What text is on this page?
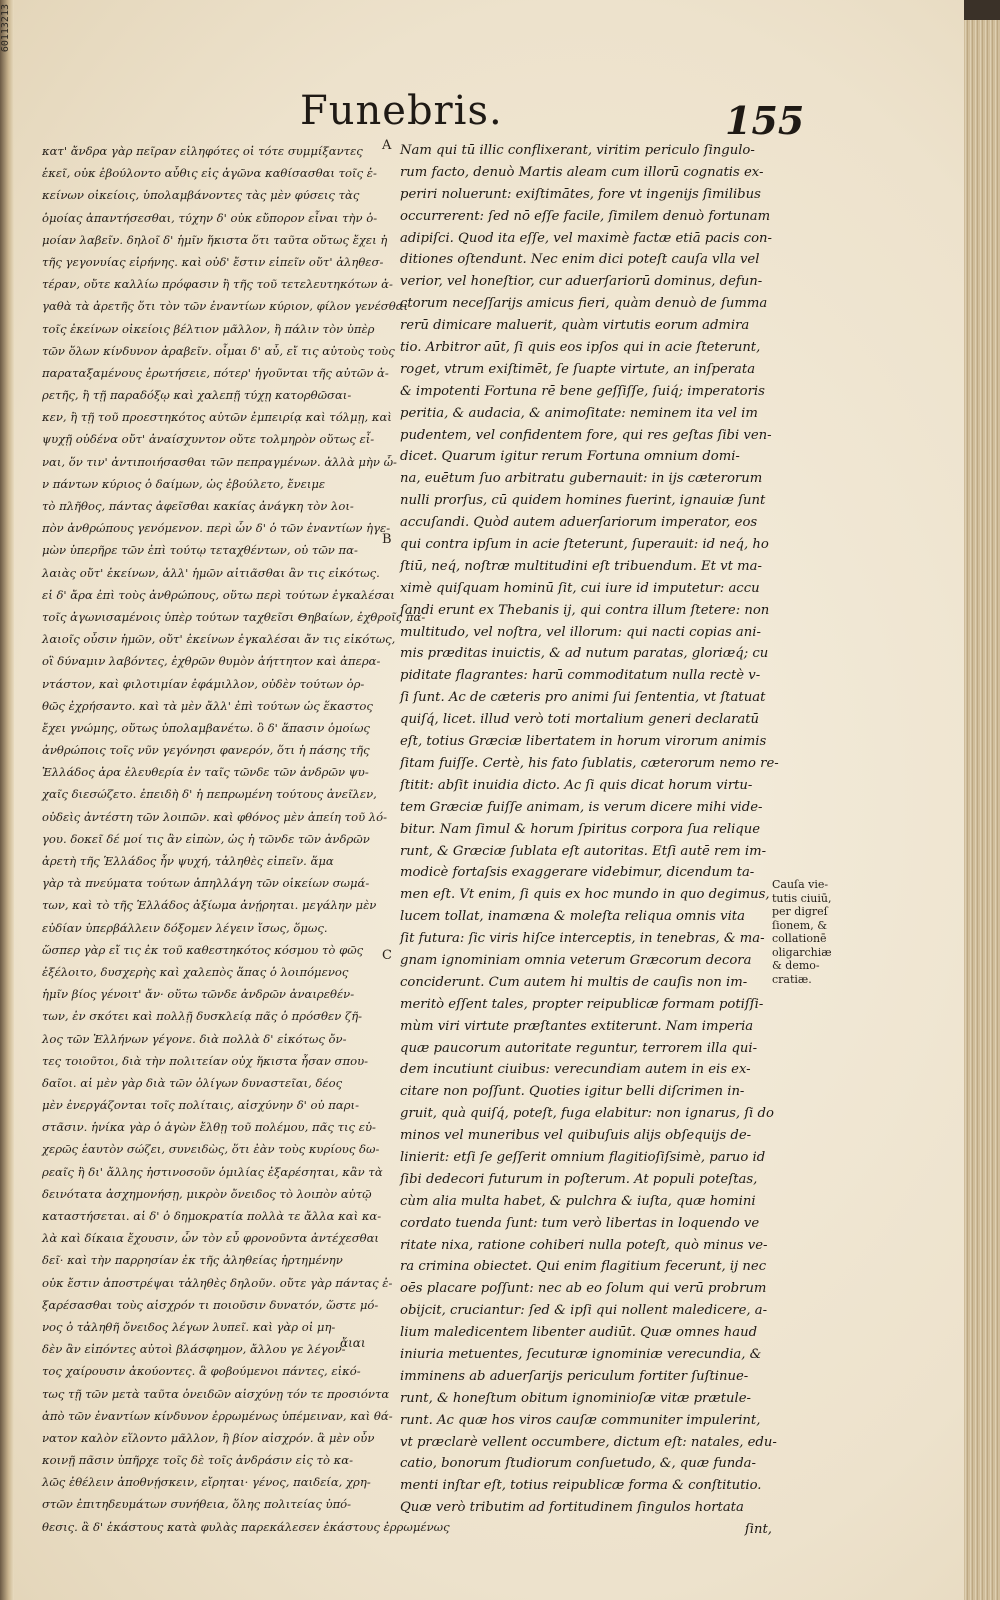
60113213
Funebris.	155
κατ' ἄνδρα γὰρ πεῖραν εἰληφότες οἱ τότε συμμίξαντες
ἑκεῖ, οὐκ ἐβούλοντο αὖθις εἰς ἀγῶνα καθίσασθαι τοῖς ἐ-
κείνων οἰκείοις, ὑπολαμβάνοντες τὰς μὲν φύσεις τὰς
ὁμοίας ἀπαντήσεσθαι, τύχην δ' οὐκ εὔπορον εἶναι τὴν ὁ-
μοίαν λαβεῖν. δηλοῖ δ' ἡμῖν ἥκιστα ὅτι ταῦτα οὕτως ἔχει ἡ
τῆς γεγονυίας εἰρήνης. καὶ οὐδ' ἔστιν εἰπεῖν οὔτ' ἀληθεσ-
τέραν, οὔτε καλλίω πρόφασιν ἢ τῆς τοῦ τετελευτηκότων ἀ-
γαθὰ τὰ ἀρετῆς ὅτι τὸν τῶν ἐναντίων κύριον, φίλον γενέσθαι
τοῖς ἐκείνων οἰκείοις βέλτιον μᾶλλον, ἢ πάλιν τὸν ὑπὲρ
τῶν ὅλων κίνδυνον ἀραβεῖν. οἶμαι δ' αὖ, εἴ τις αὐτοὺς τοὺς
παραταξαμένους ἐρωτήσειε, πότερ' ἡγοῦνται τῆς αὐτῶν ἀ-
ρετῆς, ἢ τῇ παραδόξῳ καὶ χαλεπῇ τύχῃ κατορθῶσαι-
κεν, ἢ τῇ τοῦ προεστηκότος αὐτῶν ἐμπειρίᾳ καὶ τόλμῃ, καὶ
ψυχῇ οὐδένα οὔτ' ἀναίσχυντον οὔτε τολμηρὸν οὕτως εἶ-
ναι, ὅν τιν' ἀντιποιήσασθαι τῶν πεπραγμένων. ἀλλὰ μὴν ὧ-
ν πάντων κύριος ὁ δαίμων, ὡς ἐβούλετο, ἔνειμε
τὸ πλῆθος, πάντας ἀφεῖσθαι κακίας ἀνάγκη τὸν λοι-
πὸν ἀνθρώπους γενόμενον. περὶ ὧν δ' ὁ τῶν ἐναντίων ἡγε-
μὼν ὑπερῆρε τῶν ἐπὶ τούτῳ τεταχθέντων, οὐ τῶν πα-
λαιὰς οὔτ' ἐκείνων, ἀλλ' ἡμῶν αἰτιᾶσθαι ἂν τις εἰκότως.
εἰ δ' ἄρα ἐπὶ τοὺς ἀνθρώπους, οὕτω περὶ τούτων ἐγκαλέσαι
τοῖς ἀγωνισαμένοις ὑπὲρ τούτων ταχθεῖσι Θηβαίων, ἐχθροῖς πα-
λαιοῖς οὖσιν ἡμῶν, οὔτ' ἐκείνων ἐγκαλέσαι ἄν τις εἰκότως,
οἳ δύναμιν λαβόντες, ἐχθρῶν θυμὸν ἀήττητον καὶ ἀπερα-
ντάστον, καὶ φιλοτιμίαν ἐφάμιλλον, οὐδὲν τούτων ὀρ-
θῶς ἐχρήσαντο. καὶ τὰ μὲν ἄλλ' ἐπὶ τούτων ὡς ἕκαστος
ἔχει γνώμης, οὕτως ὑπολαμβανέτω. ὃ δ' ἅπασιν ὁμοίως
ἀνθρώποις τοῖς νῦν γεγόνησι φανερόν, ὅτι ἡ πάσης τῆς
Ἑλλάδος ἀρα ἐλευθερία ἐν ταῖς τῶνδε τῶν ἀνδρῶν ψυ-
χαῖς διεσώζετο. ἐπειδὴ δ' ἡ πεπρωμένη τούτους ἀνεῖλεν,
οὐδεὶς ἀντέστη τῶν λοιπῶν. καὶ φθόνος μὲν ἀπείη τοῦ λό-
γου. δοκεῖ δέ μοί τις ἂν εἰπὼν, ὡς ἡ τῶνδε τῶν ἀνδρῶν
ἀρετὴ τῆς Ἑλλάδος ἦν ψυχή, τἀληθὲς εἰπεῖν. ἅμα
γὰρ τὰ πνεύματα τούτων ἀπηλλάγη τῶν οἰκείων σωμά-
των, καὶ τὸ τῆς Ἑλλάδος ἀξίωμα ἀνῄρηται. μεγάλην μὲν
εὐδίαν ὑπερβάλλειν δόξομεν λέγειν ἴσως, ὅμως.
ὥσπερ γὰρ εἴ τις ἐκ τοῦ καθεστηκότος κόσμου τὸ φῶς
ἐξέλοιτο, δυσχερὴς καὶ χαλεπὸς ἅπας ὁ λοιπόμενος
ἡμῖν βίος γένοιτ' ἄν· οὕτω τῶνδε ἀνδρῶν ἀναιρεθέν-
των, ἐν σκότει καὶ πολλῇ δυσκλείᾳ πᾶς ὁ πρόσθεν ζῆ-
λος τῶν Ἑλλήνων γέγονε. διὰ πολλὰ δ' εἰκότως ὄν-
τες τοιοῦτοι, διὰ τὴν πολιτείαν οὐχ ἥκιστα ἦσαν σπου-
δαῖοι. αἱ μὲν γὰρ διὰ τῶν ὀλίγων δυναστεῖαι, δέος
μὲν ἐνεργάζονται τοῖς πολίταις, αἰσχύνην δ' οὐ παρι-
στᾶσιν. ἡνίκα γὰρ ὁ ἀγὼν ἔλθῃ τοῦ πολέμου, πᾶς τις εὐ-
χερῶς ἑαυτὸν σώζει, συνειδὼς, ὅτι ἐὰν τοὺς κυρίους δω-
ρεαῖς ἢ δι' ἄλλης ἡστινοσοῦν ὁμιλίας ἐξαρέσηται, κἂν τὰ
δεινότατα ἀσχημονήσῃ, μικρὸν ὄνειδος τὸ λοιπὸν αὐτῷ
καταστήσεται. αἱ δ' ὁ δημοκρατία πολλὰ τε ἄλλα καὶ κα-
λὰ καὶ δίκαια ἔχουσιν, ὧν τὸν εὖ φρονοῦντα ἀντέχεσθαι
δεῖ· καὶ τὴν παρρησίαν ἐκ τῆς ἀληθείας ἠρτημένην
οὐκ ἔστιν ἀποστρέψαι τἀληθὲς δηλοῦν. οὔτε γὰρ πάντας ἐ-
ξαρέσασθαι τοὺς αἰσχρόν τι ποιοῦσιν δυνατόν, ὥστε μό-
νος ὁ τἀληθῆ ὄνειδος λέγων λυπεῖ. καὶ γὰρ οἱ μη-
δὲν ἂν εἰπόντες αὐτοὶ βλάσφημον, ἄλλου γε λέγον-
τος χαίρουσιν ἀκούοντες. ἃ φοβούμενοι πάντες, εἰκό-
τως τῇ τῶν μετὰ ταῦτα ὀνειδῶν αἰσχύνῃ τόν τε προσιόντα
ἀπὸ τῶν ἐναντίων κίνδυνον ἐρρωμένως ὑπέμειναν, καὶ θά-
νατον καλὸν εἵλοντο μᾶλλον, ἢ βίον αἰσχρόν. ἃ μὲν οὖν
κοινῇ πᾶσιν ὑπῆρχε τοῖς δὲ τοῖς ἀνδράσιν εἰς τὸ κα-
λῶς ἐθέλειν ἀποθνῄσκειν, εἴρηται· γένος, παιδεία, χρη-
στῶν ἐπιτηδευμάτων συνήθεια, ὅλης πολιτείας ὑπό-
θεσις. ἃ δ' ἑκάστους κατὰ φυλὰς παρεκάλεσεν ἐκάστους ἐρρωμένως
A
B
C
Nam qui tū illic conflixerant, viritim periculo ſingulo-
rum facto, denuò Martis aleam cum illorū cognatis ex-
periri noluerunt: exiſtimātes, fore vt ingenijs ſimilibus
occurrerent: ſed nō eſſe facile, ſimilem denuò fortunam
adipiſci. Quod ita eſſe, vel maximè factæ etiā pacis con-
ditiones oſtendunt. Nec enim dici poteſt cauſa vlla vel
verior, vel honeſtior, cur aduerſariorū dominus, defun-
ctorum neceſſarijs amicus fieri, quàm denuò de ſumma
rerū dimicare maluerit, quàm virtutis eorum admira
tio. Arbitror aūt, ſi quis eos ipſos qui in acie ſteterunt,
roget, vtrum exiſtimēt, ſe ſuapte virtute, an inſperata
& impotenti Fortuna rē bene geſſiſſe, ſuiq́; imperatoris
peritia, & audacia, & animoſitate: neminem ita vel im
pudentem, vel confidentem fore, qui res geſtas ſibi ven-
dicet. Quarum igitur rerum Fortuna omnium domi-
na, euētum ſuo arbitratu gubernauit: in ijs cæterorum
nulli prorſus, cū quidem homines fuerint, ignauiæ ſunt
accuſandi. Quòd autem aduerſariorum imperator, eos
qui contra ipſum in acie ſteterunt, ſuperauit: id neq́, ho
ſtiū, neq́, noſtræ multitudini eſt tribuendum. Et vt ma-
ximè quiſquam hominū ſit, cui iure id imputetur: accu
ſandi erunt ex Thebanis ij, qui contra illum ſtetere: non
multitudo, vel noſtra, vel illorum: qui nacti copias ani-
mis præditas inuictis, & ad nutum paratas, gloriæq́; cu
piditate flagrantes: harū commoditatum nulla rectè v-
ſi ſunt. Ac de cæteris pro animi ſui ſententia, vt ſtatuat
quiſq́, licet. illud verò toti mortalium generi declaratū
eſt, totius Græciæ libertatem in horum virorum animis
ſitam fuiſſe. Certè, his fato ſublatis, cæterorum nemo re-
ſtitit: abſit inuidia dicto. Ac ſi quis dicat horum virtu-
tem Græciæ fuiſſe animam, is verum dicere mihi vide-
bitur. Nam ſimul & horum ſpiritus corpora ſua relique
runt, & Græciæ ſublata eſt autoritas. Etſi autē rem im-
modicè fortaſsis exaggerare videbimur, dicendum ta-
men eſt. Vt enim, ſi quis ex hoc mundo in quo degimus,
lucem tollat, inamæna & moleſta reliqua omnis vita
ſit futura: ſic viris hiſce interceptis, in tenebras, & ma-
gnam ignominiam omnia veterum Græcorum decora
conciderunt. Cum autem hi multis de cauſis non im-
meritò eſſent tales, propter reipublicæ formam potiſſi-
mùm viri virtute præſtantes extiterunt. Nam imperia
quæ paucorum autoritate reguntur, terrorem illa qui-
dem incutiunt ciuibus: verecundiam autem in eis ex-
citare non poſſunt. Quoties igitur belli diſcrimen in-
gruit, quà quiſq́, poteſt, fuga elabitur: non ignarus, ſi do
minos vel muneribus vel quibuſuis alijs obſequijs de-
linierit: etſi ſe geſſerit omnium flagitioſiſsimè, paruo id
ſibi dedecori futurum in poſterum. At populi poteſtas,
cùm alia multa habet, & pulchra & iuſta, quæ homini
cordato tuenda ſunt: tum verò libertas in loquendo ve
ritate nixa, ratione cohiberi nulla poteſt, quò minus ve-
ra crimina obiectet. Qui enim flagitium fecerunt, ij nec
oēs placare poſſunt: nec ab eo ſolum qui verū probrum
obijcit, cruciantur: ſed & ipſi qui nollent maledicere, a-
lium maledicentem libenter audiūt. Quæ omnes haud
iniuria metuentes, ſecuturæ ignominiæ verecundia, &
imminens ab aduerſarijs periculum fortiter ſuſtinue-
runt, & honeſtum obitum ignominioſæ vitæ prætule-
runt. Ac quæ hos viros cauſæ communiter impulerint,
vt præclarè vellent occumbere, dictum eſt: natales, edu-
catio, bonorum ſtudiorum conſuetudo, &, quæ funda-
menti inſtar eſt, totius reipublicæ forma & conſtitutio.
Quæ verò tributim ad fortitudinem ſingulos hortata
ſint,
Cauſa vie-
tutis ciuiū,
per digreſ
ſionem, &
collationē
oligarchiæ
& demo-
cratiæ.
ἄιαι
